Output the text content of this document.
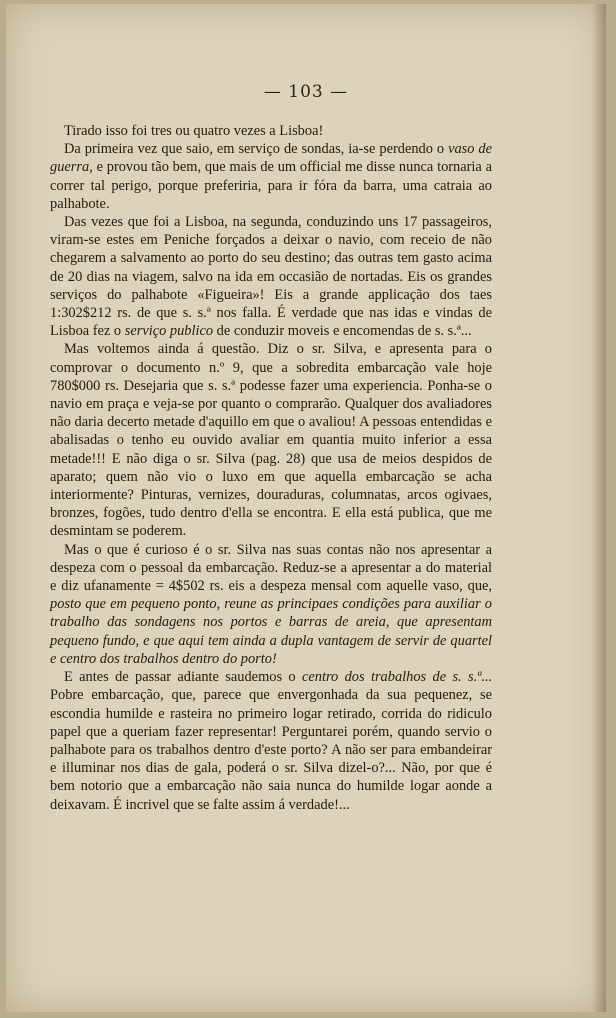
— 103 —

Tirado isso foi tres ou quatro vezes a Lisboa!

Da primeira vez que saio, em serviço de sondas, ia-se perdendo o vaso de guerra, e provou tão bem, que mais de um official me disse nunca tornaria a correr tal perigo, porque preferiria, para ir fóra da barra, uma catraia ao palhabote.

Das vezes que foi a Lisboa, na segunda, conduzindo uns 17 passageiros, viram-se estes em Peniche forçados a deixar o navio, com receio de não chegarem a salvamento ao porto do seu destino; das outras tem gasto acima de 20 dias na viagem, salvo na ida em occasião de nortadas. Eis os grandes serviços do palhabote «Figueira»! Eis a grande applicação dos taes 1:302$212 rs. de que s. s.ª nos falla. É verdade que nas idas e vindas de Lisboa fez o serviço publico de conduzir moveis e encomendas de s. s.ª...

Mas voltemos ainda á questão. Diz o sr. Silva, e apresenta para o comprovar o documento n.º 9, que a sobredita embarcação vale hoje 780$000 rs. Desejaria que s. s.ª podesse fazer uma experiencia. Ponha-se o navio em praça e veja-se por quanto o comprarão. Qualquer dos avaliadores não daria decerto metade d'aquillo em que o avaliou! A pessoas entendidas e abalisadas o tenho eu ouvido avaliar em quantia muito inferior a essa metade!!! E não diga o sr. Silva (pag. 28) que usa de meios despidos de aparato; quem não vio o luxo em que aquella embarcação se acha interiormente? Pinturas, vernizes, douraduras, columnatas, arcos ogivaes, bronzes, fogões, tudo dentro d'ella se encontra. E ella está publica, que me desmintam se poderem.

Mas o que é curioso é o sr. Silva nas suas contas não nos apresentar a despeza com o pessoal da embarcação. Reduz-se a apresentar a do material e diz ufanamente = 4$502 rs. eis a despeza mensal com aquelle vaso, que, posto que em pequeno ponto, reune as principaes condições para auxiliar o trabalho das sondagens nos portos e barras de areia, que apresentam pequeno fundo, e que aqui tem ainda a dupla vantagem de servir de quartel e centro dos trabalhos dentro do porto!

E antes de passar adiante saudemos o centro dos trabalhos de s. s.ª... Pobre embarcação, que, parece que envergonhada da sua pequenez, se escondia humilde e rasteira no primeiro logar retirado, corrida do ridiculo papel que a queriam fazer representar! Perguntarei porém, quando servio o palhabote para os trabalhos dentro d'este porto? A não ser para embandeirar e illuminar nos dias de gala, poderá o sr. Silva dizel-o?... Não, por que é bem notorio que a embarcação não saia nunca do humilde logar aonde a deixavam. É incrivel que se falte assim á verdade!...
